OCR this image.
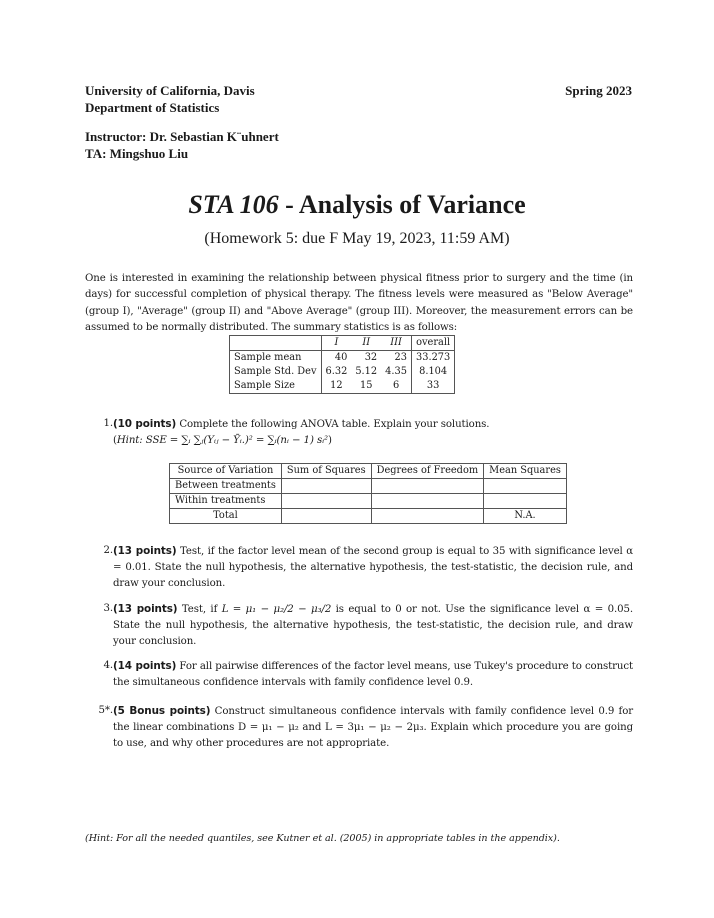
University of California, Davis
Department of Statistics
Spring 2023
Instructor: Dr. Sebastian K¨uhnert
TA: Mingshuo Liu
STA 106 - Analysis of Variance
(Homework 5: due F May 19, 2023, 11:59 AM)
One is interested in examining the relationship between physical fitness prior to surgery and the time (in days) for successful completion of physical therapy. The fitness levels were measured as "Below Average" (group I), "Average" (group II) and "Above Average" (group III). Moreover, the measurement errors can be assumed to be normally distributed. The summary statistics is as follows:
	I	II	III	overall
Sample mean	40	32	23	33.273
Sample Std. Dev	6.32	5.12	4.35	8.104
Sample Size	12	15	6	33
1. (10 points) Complete the following ANOVA table. Explain your solutions.
(Hint: SSE = ∑ᵢ ∑ⱼ(Yᵢⱼ − Ȳᵢ.)² = ∑ᵢ(nᵢ − 1) sᵢ²)
Source of Variation	Sum of Squares	Degrees of Freedom	Mean Squares
Between treatments			
Within treatments			
Total			N.A.
2. (13 points) Test, if the factor level mean of the second group is equal to 35 with significance level α = 0.01. State the null hypothesis, the alternative hypothesis, the test-statistic, the decision rule, and draw your conclusion.
3. (13 points) Test, if L = μ₁ − μ₂/2 − μ₃/2 is equal to 0 or not. Use the significance level α = 0.05. State the null hypothesis, the alternative hypothesis, the test-statistic, the decision rule, and draw your conclusion.
4. (14 points) For all pairwise differences of the factor level means, use Tukey's procedure to construct the simultaneous confidence intervals with family confidence level 0.9.
5*. (5 Bonus points) Construct simultaneous confidence intervals with family confidence level 0.9 for the linear combinations D = μ₁ − μ₂ and L = 3μ₁ − μ₂ − 2μ₃. Explain which procedure you are going to use, and why other procedures are not appropriate.
(Hint: For all the needed quantiles, see Kutner et al. (2005) in appropriate tables in the appendix).
